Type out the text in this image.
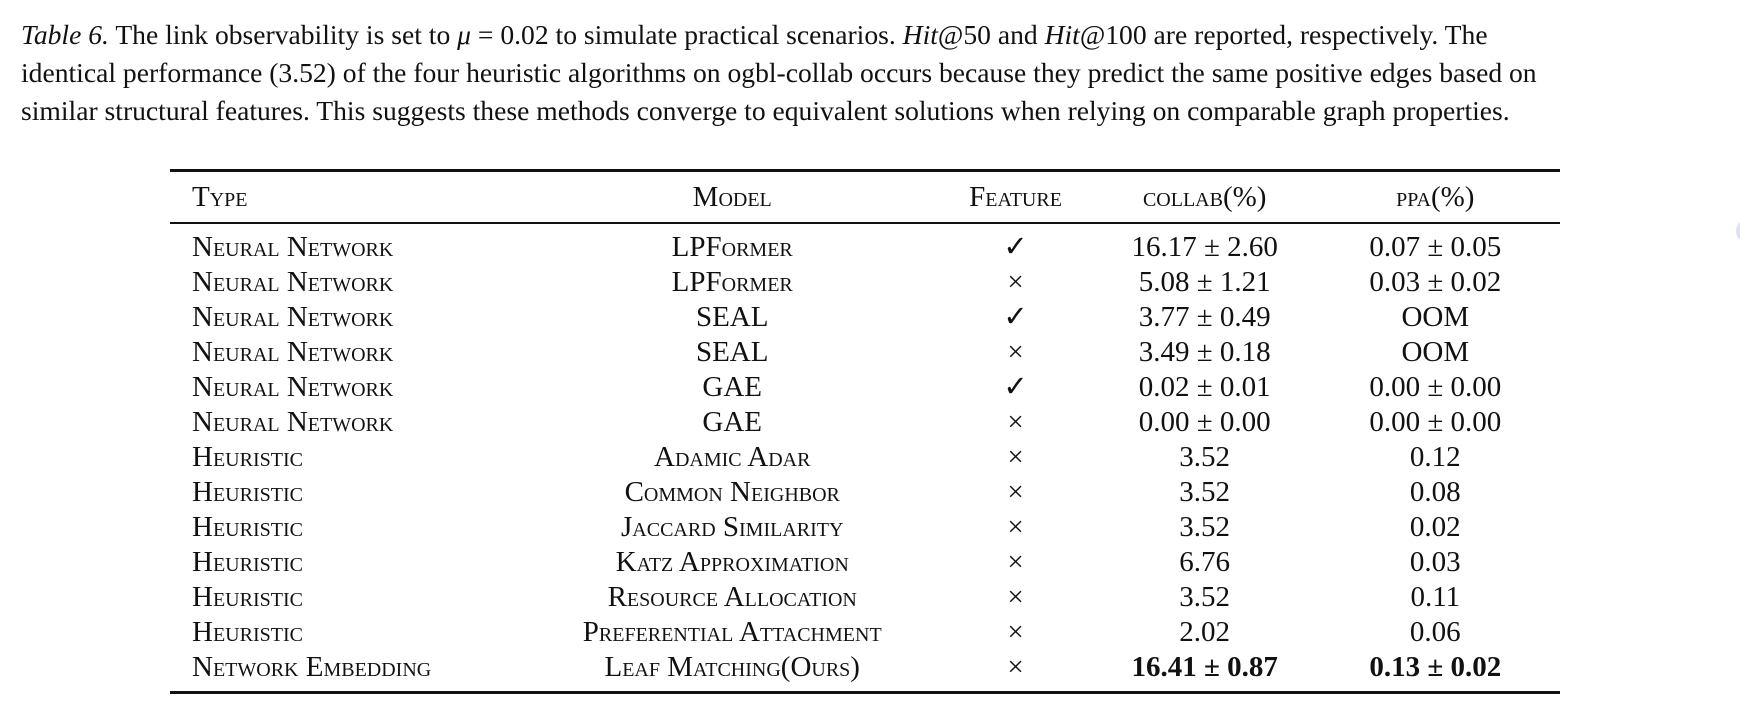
Table 6. The link observability is set to μ = 0.02 to simulate practical scenarios. Hit@50 and Hit@100 are reported, respectively. The
identical performance (3.52) of the four heuristic algorithms on ogbl-collab occurs because they predict the same positive edges based on
similar structural features. This suggests these methods converge to equivalent solutions when relying on comparable graph properties.

Type	Model	Feature	collab(%)	ppa(%)
Neural Network	LPFormer	✓	16.17 ± 2.60	0.07 ± 0.05
Neural Network	LPFormer	×	5.08 ± 1.21	0.03 ± 0.02
Neural Network	SEAL	✓	3.77 ± 0.49	OOM
Neural Network	SEAL	×	3.49 ± 0.18	OOM
Neural Network	GAE	✓	0.02 ± 0.01	0.00 ± 0.00
Neural Network	GAE	×	0.00 ± 0.00	0.00 ± 0.00
Heuristic	Adamic Adar	×	3.52	0.12
Heuristic	Common Neighbor	×	3.52	0.08
Heuristic	Jaccard Similarity	×	3.52	0.02
Heuristic	Katz Approximation	×	6.76	0.03
Heuristic	Resource Allocation	×	3.52	0.11
Heuristic	Preferential Attachment	×	2.02	0.06
Network Embedding	Leaf Matching(Ours)	×	16.41 ± 0.87	0.13 ± 0.02
